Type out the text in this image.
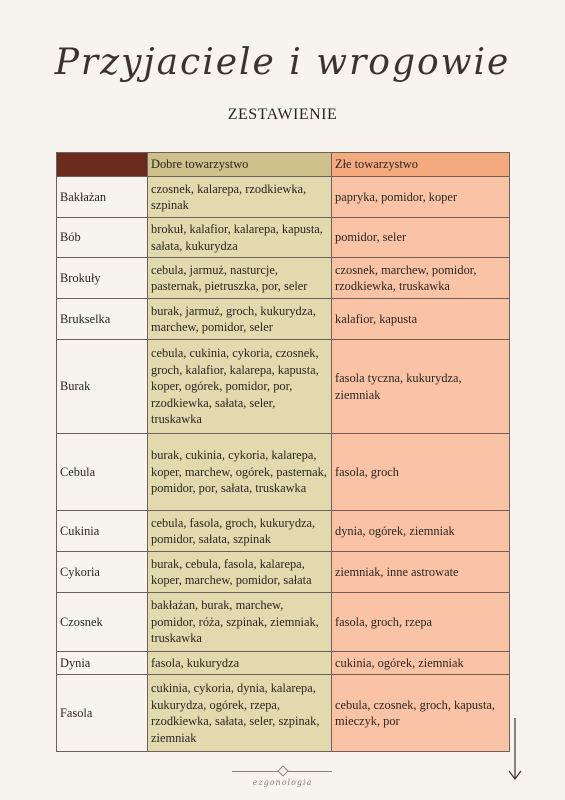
Przyjaciele i wrogowie
ZESTAWIENIE
	Dobre towarzystwo	Złe towarzystwo
Bakłażan	czosnek, kalarepa, rzodkiewka, szpinak	papryka, pomidor, koper
Bób	brokuł, kalafior, kalarepa, kapusta, sałata, kukurydza	pomidor, seler
Brokuły	cebula, jarmuż, nasturcje, pasternak, pietruszka, por, seler	czosnek, marchew, pomidor, rzodkiewka, truskawka
Brukselka	burak, jarmuż, groch, kukurydza, marchew, pomidor, seler	kalafior, kapusta
Burak	cebula, cukinia, cykoria, czosnek, groch, kalafior, kalarepa, kapusta, koper, ogórek, pomidor, por, rzodkiewka, sałata, seler, truskawka	fasola tyczna, kukurydza, ziemniak
Cebula	burak, cukinia, cykoria, kalarepa, koper, marchew, ogórek, pasternak, pomidor, por, sałata, truskawka	fasola, groch
Cukinia	cebula, fasola, groch, kukurydza, pomidor, sałata, szpinak	dynia, ogórek, ziemniak
Cykoria	burak, cebula, fasola, kalarepa, koper, marchew, pomidor, sałata	ziemniak, inne astrowate
Czosnek	bakłażan, burak, marchew, pomidor, róża, szpinak, ziemniak, truskawka	fasola, groch, rzepa
Dynia	fasola, kukurydza	cukinia, ogórek, ziemniak
Fasola	cukinia, cykoria, dynia, kalarepa, kukurydza, ogórek, rzepa, rzodkiewka, sałata, seler, szpinak, ziemniak	cebula, czosnek, groch, kapusta, mieczyk, por
ezgonologia
